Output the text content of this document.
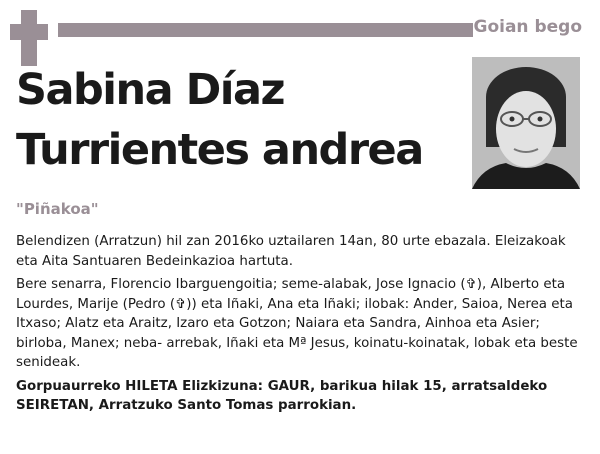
Goian bego
Sabina Díaz
Turrientes andrea
"Piñakoa"

Belendizen (Arratzun) hil zan 2016ko uztailaren 14an, 80 urte ebazala. Eleizakoak eta Aita Santuaren Bedeinkazioa hartuta.

Bere senarra, Florencio Ibarguengoitia; seme-alabak, Jose Ignacio (✞), Alberto eta Lourdes, Marije (Pedro (✞)) eta Iñaki, Ana eta Iñaki; ilobak: Ander, Saioa, Nerea eta Itxaso; Alatz eta Araitz, Izaro eta Gotzon; Naiara eta Sandra, Ainhoa eta Asier; birloba, Manex; neba- arrebak, Iñaki eta Mª Jesus, koinatu-koinatak, lobak eta beste senideak.

Gorpuaurreko HILETA Elizkizuna: GAUR, barikua hilak 15, arratsaldeko SEIRETAN, Arratzuko Santo Tomas parrokian.
